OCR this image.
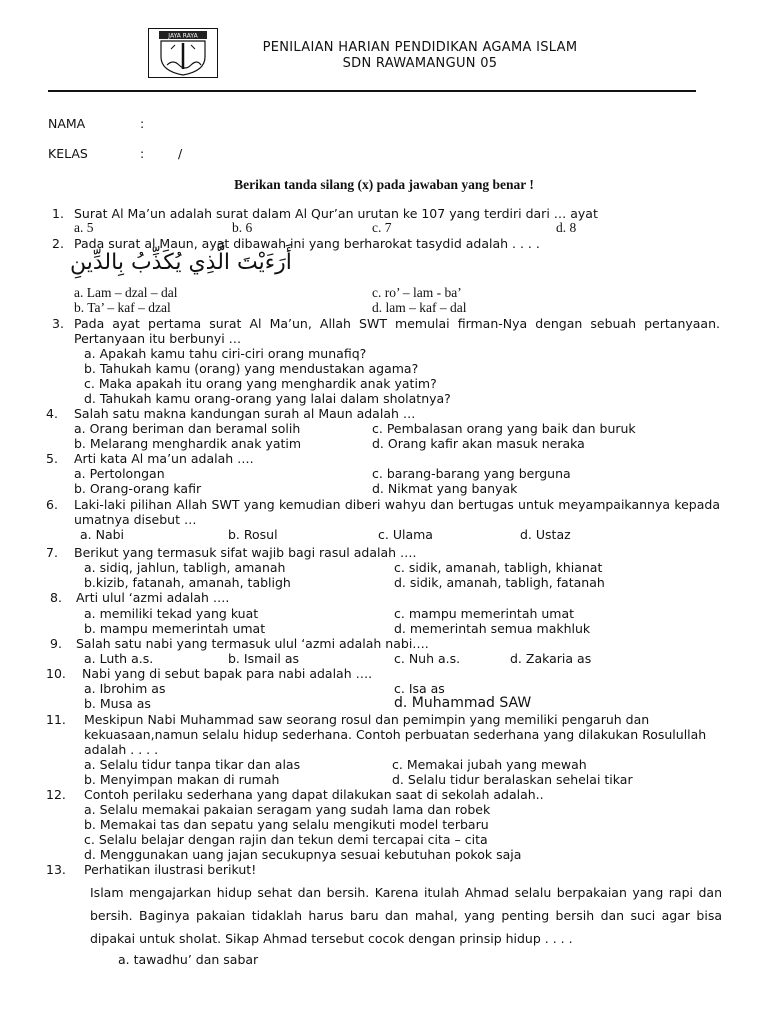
JAYA RAYA
PENILAIAN HARIAN PENDIDIKAN AGAMA ISLAM
SDN RAWAMANGUN 05
NAMA	:
KELAS	:	/
Berikan tanda silang (x) pada jawaban yang benar !
1. Surat Al Ma’un adalah surat dalam Al Qur’an urutan ke 107 yang terdiri dari … ayat
a. 5	b. 6	c. 7	d. 8
2. Pada surat al Maun, ayat dibawah ini yang berharokat tasydid adalah . . . .
أَرَءَيْتَ الَّذِي يُكَذِّبُ بِالدِّينِ
a. Lam – dzal – dal	c. ro’ – lam - ba’
b. Ta’ – kaf – dzal	d. lam – kaf – dal
3. Pada ayat pertama surat Al Ma’un, Allah SWT memulai firman-Nya dengan sebuah pertanyaan.
Pertanyaan itu berbunyi …
a. Apakah kamu tahu ciri-ciri orang munafiq?
b. Tahukah kamu (orang) yang mendustakan agama?
c. Maka apakah itu orang yang menghardik anak yatim?
d. Tahukah kamu orang-orang yang lalai dalam sholatnya?
4. Salah satu makna kandungan surah al Maun adalah …
a. Orang beriman dan beramal solih	c. Pembalasan orang yang baik dan buruk
b. Melarang menghardik anak yatim	d. Orang kafir akan masuk neraka
5. Arti kata Al ma’un adalah ….
a. Pertolongan	c. barang-barang yang berguna
b. Orang-orang kafir	d. Nikmat yang banyak
6. Laki-laki pilihan Allah SWT yang kemudian diberi wahyu dan bertugas untuk meyampaikannya kepada
umatnya disebut …
a. Nabi	b. Rosul	c. Ulama	d. Ustaz
7. Berikut yang termasuk sifat wajib bagi rasul adalah ….
a. sidiq, jahlun, tabligh, amanah	c. sidik, amanah, tabligh, khianat
b.kizib, fatanah, amanah, tabligh	d. sidik, amanah, tabligh, fatanah
8. Arti ulul ‘azmi adalah ….
a. memiliki tekad yang kuat	c. mampu memerintah umat
b. mampu memerintah umat	d. memerintah semua makhluk
9. Salah satu nabi yang termasuk ulul ‘azmi adalah nabi….
a. Luth a.s.	b. Ismail as	c. Nuh a.s.	d. Zakaria as
10. Nabi yang di sebut bapak para nabi adalah ….
a. Ibrohim as	c. Isa as
b. Musa as	d. Muhammad SAW
11. Meskipun Nabi Muhammad saw seorang rosul dan pemimpin yang memiliki pengaruh dan
kekuasaan,namun selalu hidup sederhana. Contoh perbuatan sederhana yang dilakukan Rosulullah
adalah . . . .
a. Selalu tidur tanpa tikar dan alas	c. Memakai jubah yang mewah
b. Menyimpan makan di rumah	d. Selalu tidur beralaskan sehelai tikar
12. Contoh perilaku sederhana yang dapat dilakukan saat di sekolah adalah..
a. Selalu memakai pakaian seragam yang sudah lama dan robek
b. Memakai tas dan sepatu yang selalu mengikuti model terbaru
c. Selalu belajar dengan rajin dan tekun demi tercapai cita – cita
d. Menggunakan uang jajan secukupnya sesuai kebutuhan pokok saja
13. Perhatikan ilustrasi berikut!
Islam mengajarkan hidup sehat dan bersih. Karena itulah Ahmad selalu berpakaian yang rapi dan
bersih. Baginya pakaian tidaklah harus baru dan mahal, yang penting bersih dan suci agar bisa
dipakai untuk sholat. Sikap Ahmad tersebut cocok dengan prinsip hidup . . . .
a. tawadhu’ dan sabar
